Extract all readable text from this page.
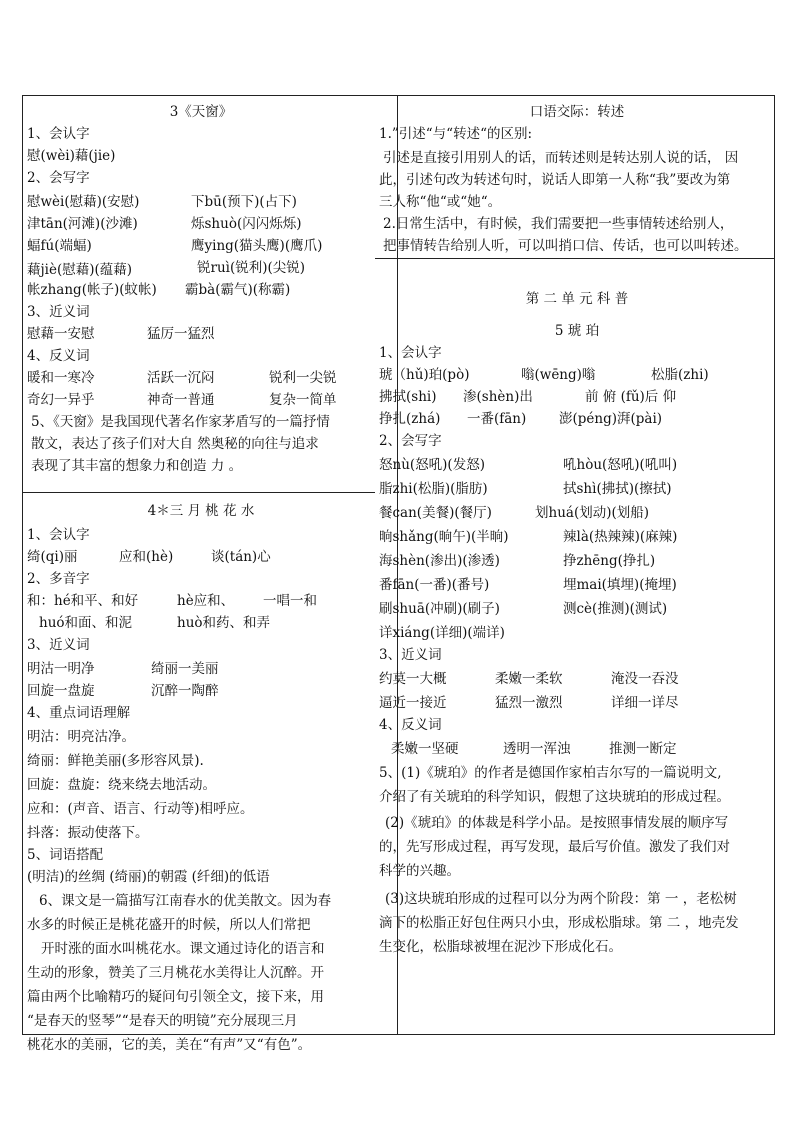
3《天窗》
1、会认字
慰(wèi)藉(jie)
2、会写字
慰wèi(慰藉)(安慰)	下bū(预下)(占下)
津tān(河滩)(沙滩)	烁shuò(闪闪烁烁)
蝠fú(端蝠)	鹰ying(猫头鹰)(鹰爪)
藉jiè(慰藉)(蕴藉)	锐ruì(锐利)(尖锐)
帐zhang(帐子)(蚊帐) 霸bà(霸气)(称霸)
3、近义词
慰藉一安慰	猛厉一猛烈
4、反义词
暖和一寒冷	活跃一沉闷	锐利一尖锐
奇幻一异乎	神奇一普通	复杂一简单
5、《天窗》是我国现代著名作家茅盾写的一篇抒情
散文，表达了孩子们对大自 然奥秘的向往与追求
表现了其丰富的想象力和创造 力 。
4＊三 月 桃 花 水
1、会认字
绮(qi)丽	应和(hè)	谈(tán)心
2、多音字
和：hé和平、和好	hè应和、 一唱一和
huó和面、和泥	huò和药、和弄
3、近义词
明沽一明净	绮丽一美丽
回旋一盘旋	沉醉一陶醉
4、重点词语理解
明沽：明亮沽净。
绮丽：鲜艳美丽(多形容风景).
回旋：盘旋：绕来绕去地活动。
应和：(声音、语言、行动等)相呼应。
抖落：振动使落下。
5、词语搭配
(明洁)的丝绸 (绮丽)的朝霞 (纤细)的低语
6、课文是一篇描写江南春水的优美散文。因为春
水多的时候正是桃花盛开的时候，所以人们常把
开时涨的面水叫桃花水。课文通过诗化的语言和
生动的形象，赞美了三月桃花水美得让人沉醉。开
篇由两个比喻精巧的疑问句引领全文，接下来，用
“是春天的竖琴”“是春天的明镜”充分展现三月
桃花水的美丽，它的美，美在“有声”又“有色”。
口语交际：转述
1.”引述“与“转述“的区别:
引述是直接引用别人的话，而转述则是转达别人说的话， 因
此，引述句改为转述句时，说话人即第一人称“我”要改为第
三人称“他“或“她“。
2.日常生活中，有时候，我们需要把一些事情转述给别人，
把事情转告给别人听，可以叫捎口信、传话，也可以叫转述。
第 二 单 元 科 普
5 琥 珀
1、会认字
琥（hǔ)珀(pò)	嗡(wēng)嗡	松脂(zhi)
拂拭(shi) 渗(shèn)出	前 俯 (fǔ)后 仰
挣扎(zhá) 一番(fān) 澎(péng)湃(pài)
2、会写字
怒nù(怒吼)(发怒)	吼hòu(怒吼)(吼叫)
脂zhi(松脂)(脂肪)	拭shì(拂拭)(擦拭)
餐can(美餐)(餐厅)	划huá(划动)(划船)
晌shǎng(晌午)(半晌)	辣là(热辣辣)(麻辣)
海shèn(渗出)(渗透)	挣zhēng(挣扎)
番fān(一番)(番号)	埋mai(填埋)(掩埋)
刷shuā(冲刷)(刷子)	测cè(推测)(测试)
详xiáng(详细)(端详)
3、近义词
约莫一大概	柔嫩一柔软	淹没一吞没
逼近一接近	猛烈一激烈	详细一详尽
4、反义词
柔嫩一坚硬	透明一浑浊	推测一断定
5、(1)《琥珀》的作者是德国作家柏吉尔写的一篇说明文,
介绍了有关琥珀的科学知识，假想了这块琥珀的形成过程。
(2)《琥珀》的体裁是科学小品。是按照事情发展的顺序写
的，先写形成过程，再写发现，最后写价值。激发了我们对
科学的兴趣。
(3)这块琥珀形成的过程可以分为两个阶段：第 一 ，老松树
滴下的松脂正好包住两只小虫，形成松脂球。第 二 ，地壳发
生变化，松脂球被埋在泥沙下形成化石。
